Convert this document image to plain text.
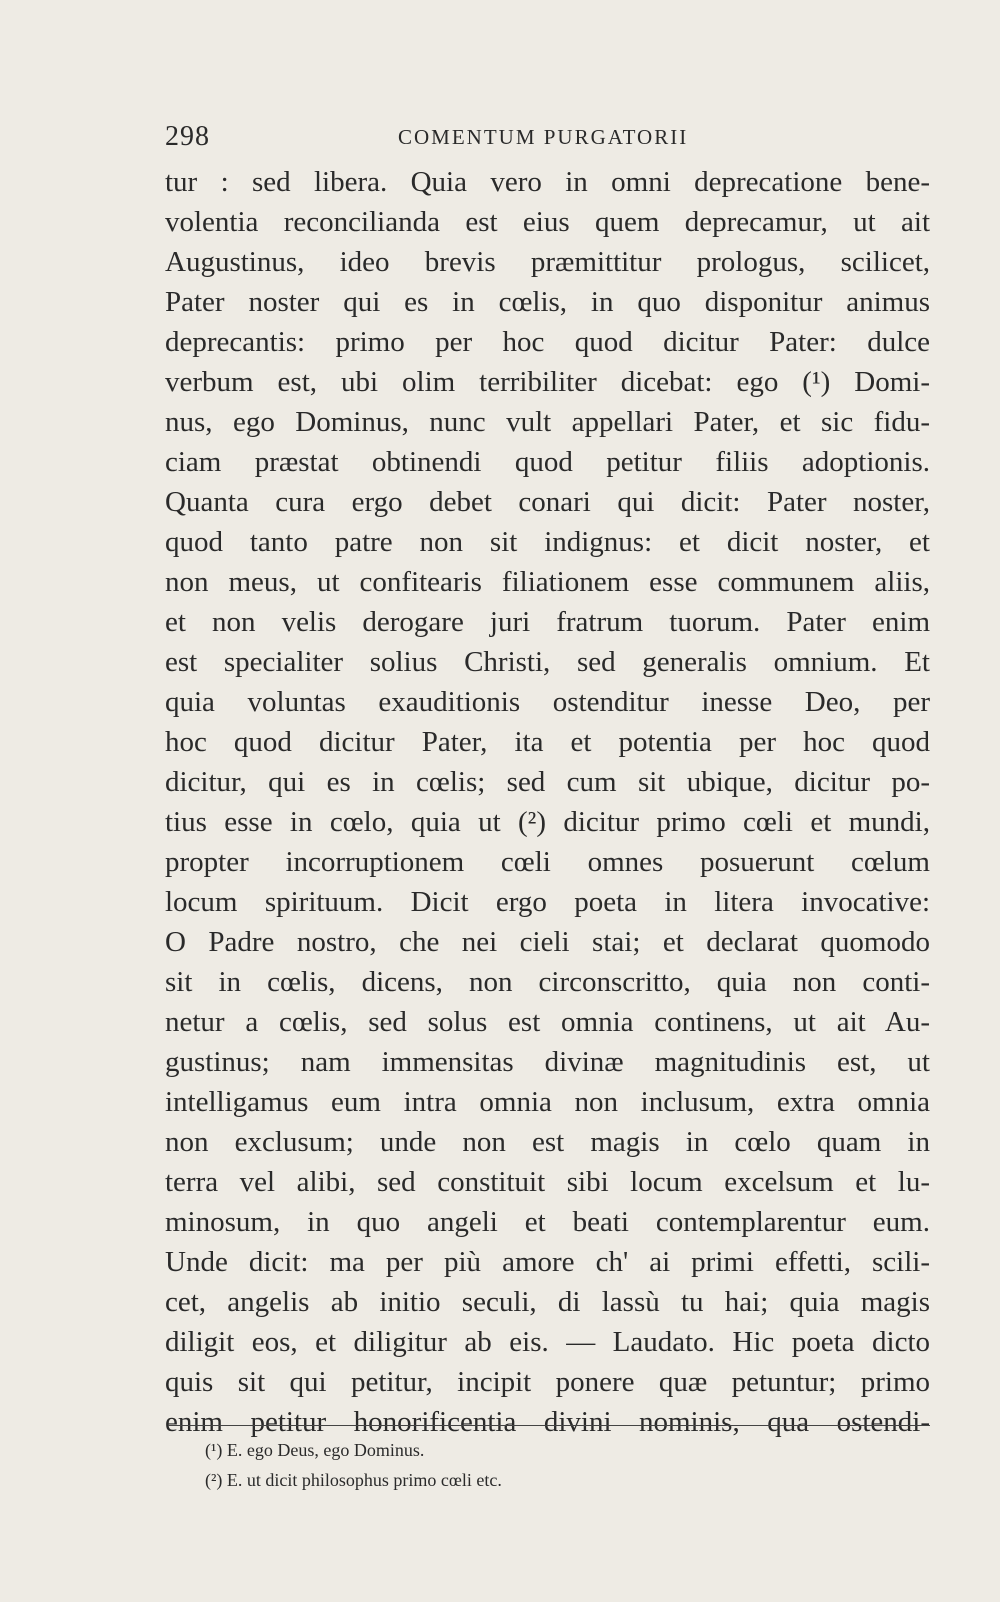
298	COMENTUM PURGATORII
tur : sed libera. Quia vero in omni deprecatione bene-
volentia reconcilianda est eius quem deprecamur, ut ait
Augustinus, ideo brevis præmittitur prologus, scilicet,
Pater noster qui es in cœlis, in quo disponitur animus
deprecantis: primo per hoc quod dicitur Pater: dulce
verbum est, ubi olim terribiliter dicebat: ego (¹) Domi-
nus, ego Dominus, nunc vult appellari Pater, et sic fidu-
ciam præstat obtinendi quod petitur filiis adoptionis.
Quanta cura ergo debet conari qui dicit: Pater noster,
quod tanto patre non sit indignus: et dicit noster, et
non meus, ut confitearis filiationem esse communem aliis,
et non velis derogare juri fratrum tuorum. Pater enim
est specialiter solius Christi, sed generalis omnium. Et
quia voluntas exauditionis ostenditur inesse Deo, per
hoc quod dicitur Pater, ita et potentia per hoc quod
dicitur, qui es in cœlis; sed cum sit ubique, dicitur po-
tius esse in cœlo, quia ut (²) dicitur primo cœli et mundi,
propter incorruptionem cœli omnes posuerunt cœlum
locum spirituum. Dicit ergo poeta in litera invocative:
O Padre nostro, che nei cieli stai; et declarat quomodo
sit in cœlis, dicens, non circonscritto, quia non conti-
netur a cœlis, sed solus est omnia continens, ut ait Au-
gustinus; nam immensitas divinæ magnitudinis est, ut
intelligamus eum intra omnia non inclusum, extra omnia
non exclusum; unde non est magis in cœlo quam in
terra vel alibi, sed constituit sibi locum excelsum et lu-
minosum, in quo angeli et beati contemplarentur eum.
Unde dicit: ma per più amore ch' ai primi effetti, scili-
cet, angelis ab initio seculi, di lassù tu hai; quia magis
diligit eos, et diligitur ab eis. — Laudato. Hic poeta dicto
quis sit qui petitur, incipit ponere quæ petuntur; primo
enim petitur honorificentia divini nominis, qua ostendi-
(¹) E. ego Deus, ego Dominus.
(²) E. ut dicit philosophus primo cœli etc.
